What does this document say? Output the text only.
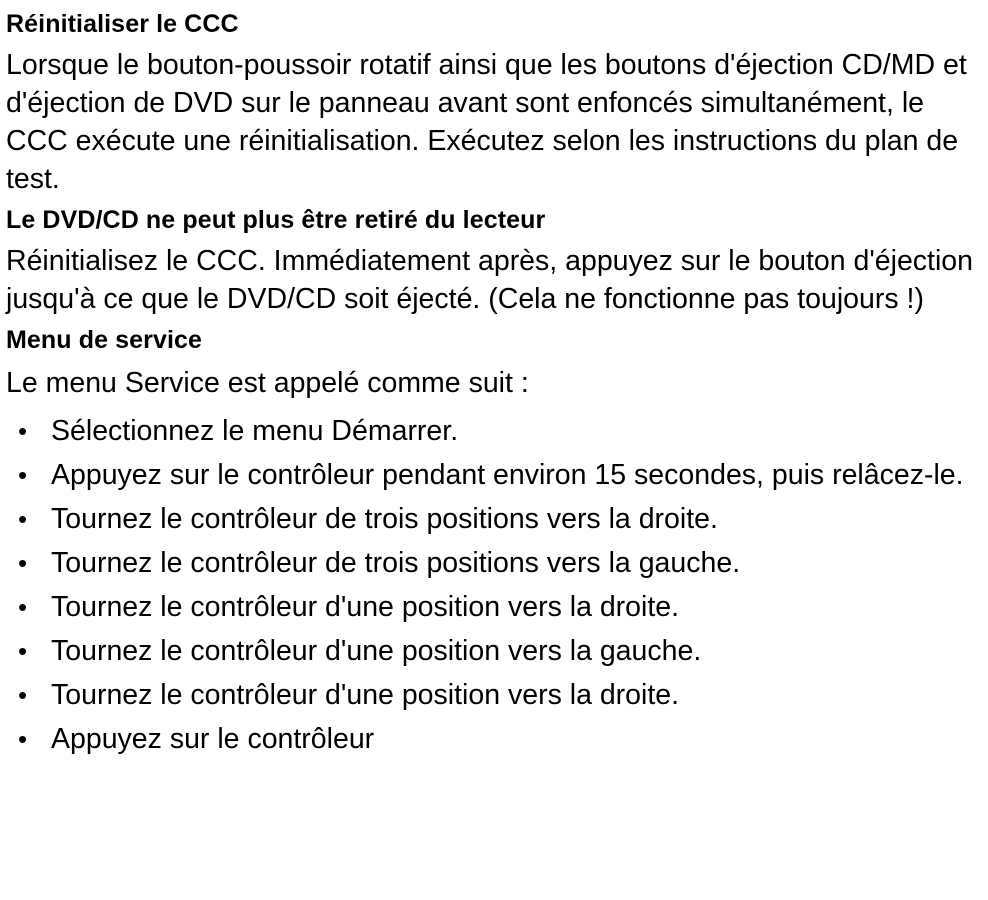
Réinitialiser le CCC

Lorsque le bouton-poussoir rotatif ainsi que les boutons d'éjection CD/MD et d'éjection de DVD sur le panneau avant sont enfoncés simultanément, le CCC exécute une réinitialisation. Exécutez selon les instructions du plan de test.

Le DVD/CD ne peut plus être retiré du lecteur

Réinitialisez le CCC. Immédiatement après, appuyez sur le bouton d'éjection jusqu'à ce que le DVD/CD soit éjecté. (Cela ne fonctionne pas toujours !)

Menu de service

Le menu Service est appelé comme suit :

• Sélectionnez le menu Démarrer.
• Appuyez sur le contrôleur pendant environ 15 secondes, puis relâcez-le.
• Tournez le contrôleur de trois positions vers la droite.
• Tournez le contrôleur de trois positions vers la gauche.
• Tournez le contrôleur d'une position vers la droite.
• Tournez le contrôleur d'une position vers la gauche.
• Tournez le contrôleur d'une position vers la droite.
• Appuyez sur le contrôleur
